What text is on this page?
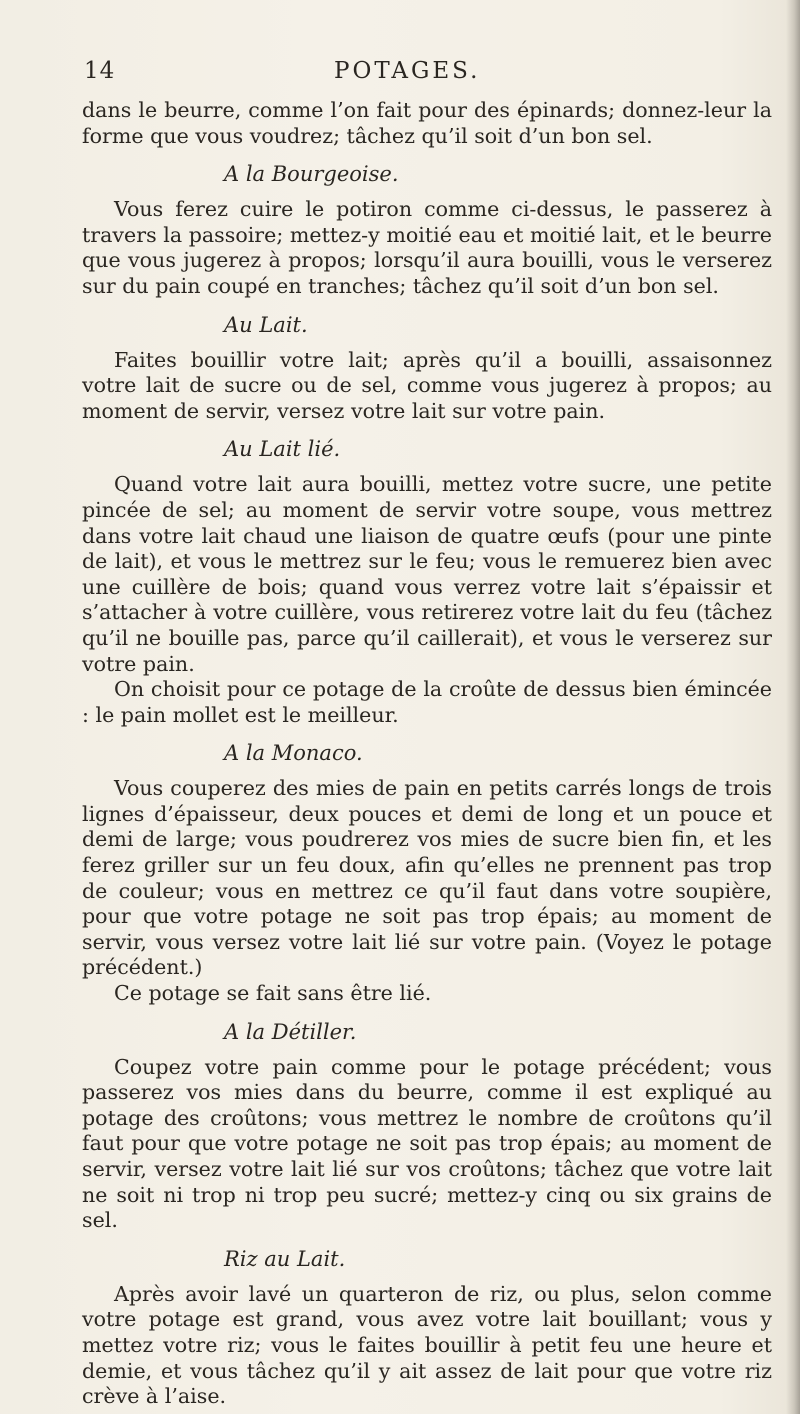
14	POTAGES.

dans le beurre, comme l’on fait pour des épinards; donnez-leur la forme que vous voudrez; tâchez qu’il soit d’un bon sel.

A la Bourgeoise.

Vous ferez cuire le potiron comme ci-dessus, le passerez à travers la passoire; mettez-y moitié eau et moitié lait, et le beurre que vous jugerez à propos; lorsqu’il aura bouilli, vous le verserez sur du pain coupé en tranches; tâchez qu’il soit d’un bon sel.

Au Lait.

Faites bouillir votre lait; après qu’il a bouilli, assaisonnez votre lait de sucre ou de sel, comme vous jugerez à propos; au moment de servir, versez votre lait sur votre pain.

Au Lait lié.

Quand votre lait aura bouilli, mettez votre sucre, une petite pincée de sel; au moment de servir votre soupe, vous mettrez dans votre lait chaud une liaison de quatre œufs (pour une pinte de lait), et vous le mettrez sur le feu; vous le remuerez bien avec une cuillère de bois; quand vous verrez votre lait s’épaissir et s’attacher à votre cuillère, vous retirerez votre lait du feu (tâchez qu’il ne bouille pas, parce qu’il caillerait), et vous le verserez sur votre pain.

On choisit pour ce potage de la croûte de dessus bien émincée : le pain mollet est le meilleur.

A la Monaco.

Vous couperez des mies de pain en petits carrés longs de trois lignes d’épaisseur, deux pouces et demi de long et un pouce et demi de large; vous poudrerez vos mies de sucre bien fin, et les ferez griller sur un feu doux, afin qu’elles ne prennent pas trop de couleur; vous en mettrez ce qu’il faut dans votre soupière, pour que votre potage ne soit pas trop épais; au moment de servir, vous versez votre lait lié sur votre pain. (Voyez le potage précédent.)

Ce potage se fait sans être lié.

A la Détiller.

Coupez votre pain comme pour le potage précédent; vous passerez vos mies dans du beurre, comme il est expliqué au potage des croûtons; vous mettrez le nombre de croûtons qu’il faut pour que votre potage ne soit pas trop épais; au moment de servir, versez votre lait lié sur vos croûtons; tâchez que votre lait ne soit ni trop ni trop peu sucré; mettez-y cinq ou six grains de sel.

Riz au Lait.

Après avoir lavé un quarteron de riz, ou plus, selon comme votre potage est grand, vous avez votre lait bouillant; vous y mettez votre riz; vous le faites bouillir à petit feu une heure et demie, et vous tâchez qu’il y ait assez de lait pour que votre riz crève à l’aise.
